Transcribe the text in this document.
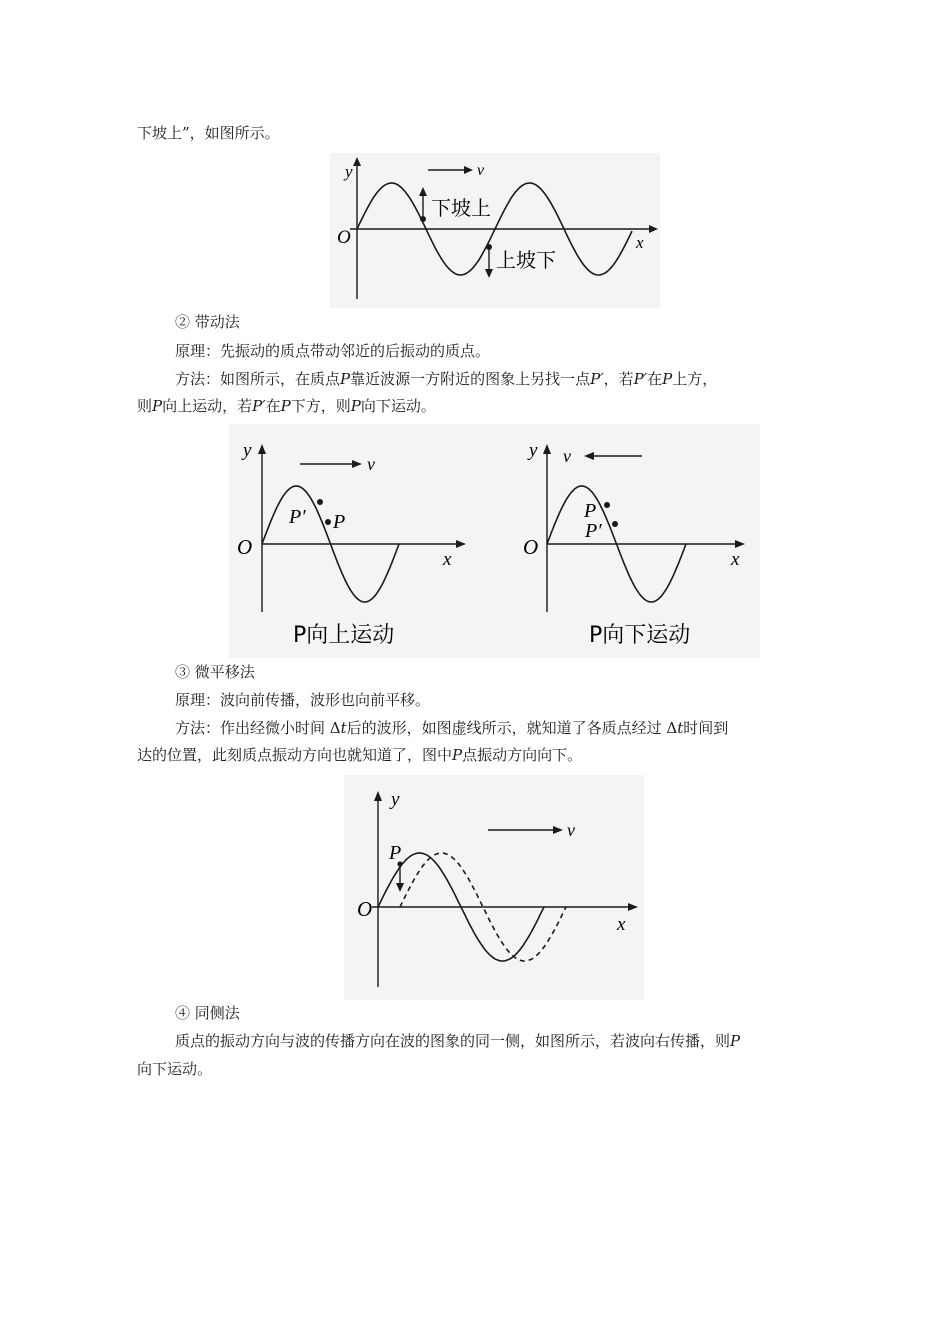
下坡上”，如图所示。
v
y
x
O
下坡上
上坡下
② 带动法
原理：先振动的质点带动邻近的后振动的质点。
方法：如图所示，在质点P靠近波源一方附近的图象上另找一点P′，若P′在P上方，
则P向上运动，若P′在P下方，则P向下运动。
v
y
x
O
P′ P
P向上运动
v
y
x
O
P
P′
P向下运动
③ 微平移法
原理：波向前传播，波形也向前平移。
方法：作出经微小时间 Δt后的波形，如图虚线所示，就知道了各质点经过 Δt时间到
达的位置，此刻质点振动方向也就知道了，图中P点振动方向向下。
v
y
x
O
P
④ 同侧法
质点的振动方向与波的传播方向在波的图象的同一侧，如图所示，若波向右传播，则P
向下运动。
